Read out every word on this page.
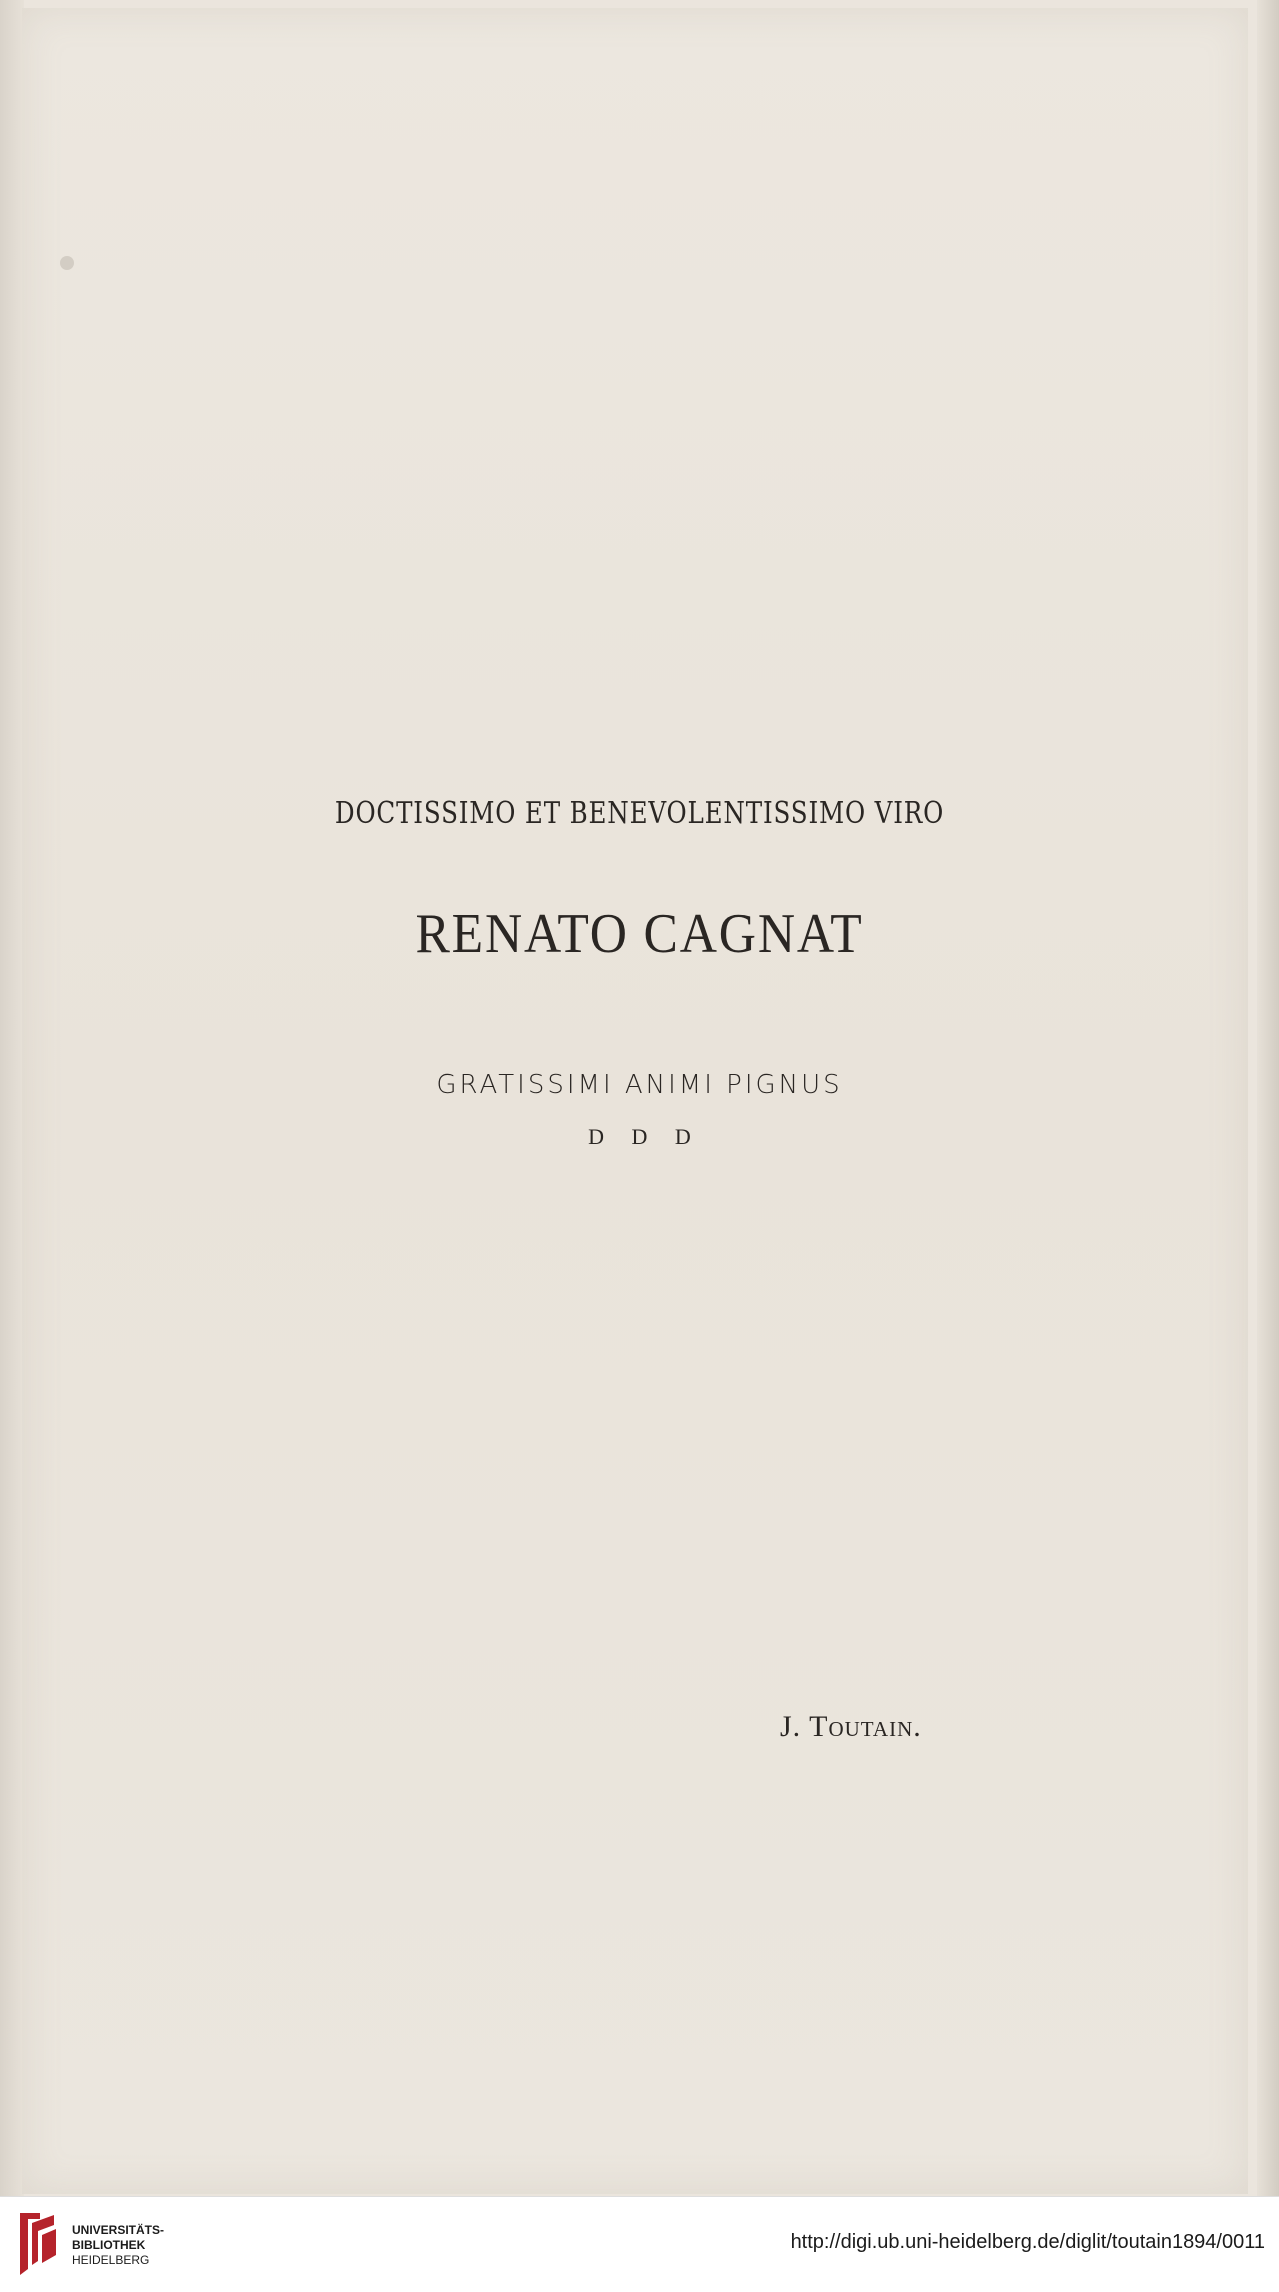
DOCTISSIMO ET BENEVOLENTISSIMO VIRO
RENATO CAGNAT
GRATISSIMI ANIMI PIGNUS
D D D
J. Toutain.
UNIVERSITÄTS-
BIBLIOTHEK
HEIDELBERG
http://digi.ub.uni-heidelberg.de/diglit/toutain1894/0011
